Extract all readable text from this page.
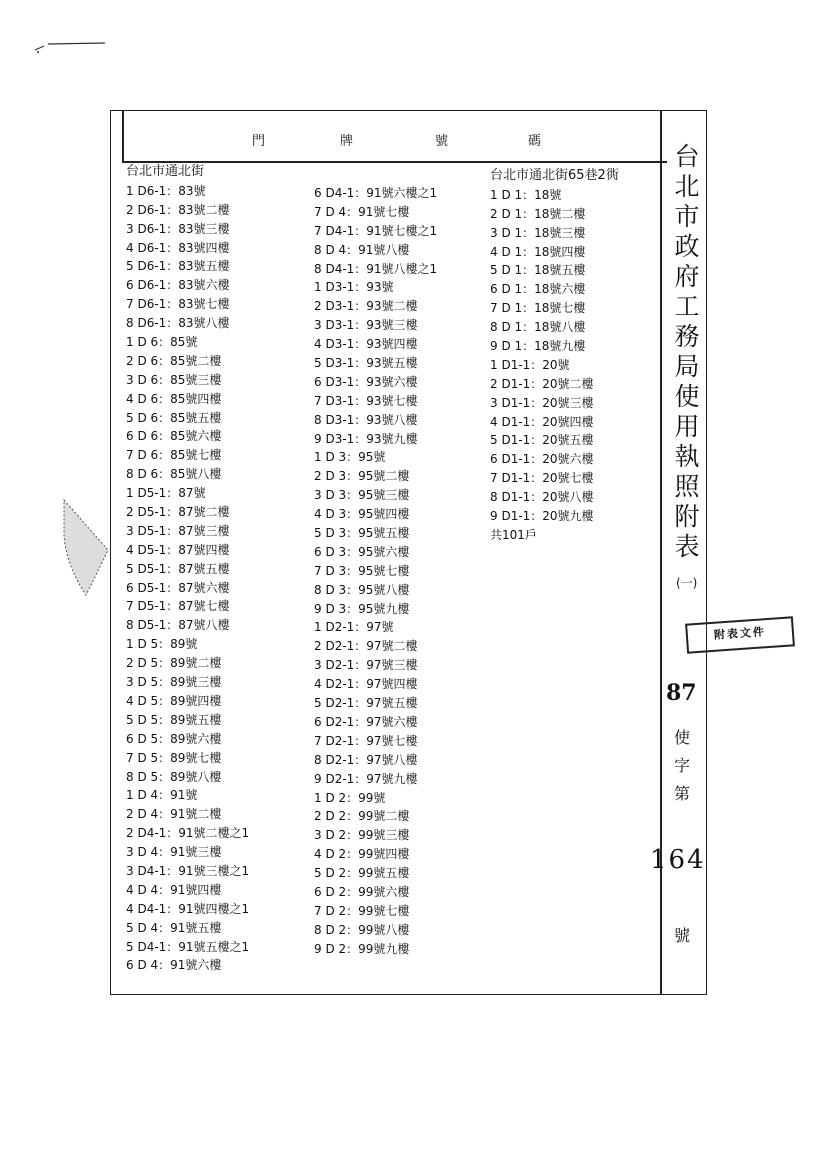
門	牌	號	碼
台北市通北街
1 D6-1：83號
2 D6-1：83號二樓
3 D6-1：83號三樓
4 D6-1：83號四樓
5 D6-1：83號五樓
6 D6-1：83號六樓
7 D6-1：83號七樓
8 D6-1：83號八樓
1 D 6：85號
2 D 6：85號二樓
3 D 6：85號三樓
4 D 6：85號四樓
5 D 6：85號五樓
6 D 6：85號六樓
7 D 6：85號七樓
8 D 6：85號八樓
1 D5-1：87號
2 D5-1：87號二樓
3 D5-1：87號三樓
4 D5-1：87號四樓
5 D5-1：87號五樓
6 D5-1：87號六樓
7 D5-1：87號七樓
8 D5-1：87號八樓
1 D 5：89號
2 D 5：89號二樓
3 D 5：89號三樓
4 D 5：89號四樓
5 D 5：89號五樓
6 D 5：89號六樓
7 D 5：89號七樓
8 D 5：89號八樓
1 D 4：91號
2 D 4：91號二樓
2 D4-1：91號二樓之1
3 D 4：91號三樓
3 D4-1：91號三樓之1
4 D 4：91號四樓
4 D4-1：91號四樓之1
5 D 4：91號五樓
5 D4-1：91號五樓之1
6 D 4：91號六樓
6 D4-1：91號六樓之1
7 D 4：91號七樓
7 D4-1：91號七樓之1
8 D 4：91號八樓
8 D4-1：91號八樓之1
1 D3-1：93號
2 D3-1：93號二樓
3 D3-1：93號三樓
4 D3-1：93號四樓
5 D3-1：93號五樓
6 D3-1：93號六樓
7 D3-1：93號七樓
8 D3-1：93號八樓
9 D3-1：93號九樓
1 D 3：95號
2 D 3：95號二樓
3 D 3：95號三樓
4 D 3：95號四樓
5 D 3：95號五樓
6 D 3：95號六樓
7 D 3：95號七樓
8 D 3：95號八樓
9 D 3：95號九樓
1 D2-1：97號
2 D2-1：97號二樓
3 D2-1：97號三樓
4 D2-1：97號四樓
5 D2-1：97號五樓
6 D2-1：97號六樓
7 D2-1：97號七樓
8 D2-1：97號八樓
9 D2-1：97號九樓
1 D 2：99號
2 D 2：99號二樓
3 D 2：99號三樓
4 D 2：99號四樓
5 D 2：99號五樓
6 D 2：99號六樓
7 D 2：99號七樓
8 D 2：99號八樓
9 D 2：99號九樓
台北市通北街65巷2衖
1 D 1：18號
2 D 1：18號二樓
3 D 1：18號三樓
4 D 1：18號四樓
5 D 1：18號五樓
6 D 1：18號六樓
7 D 1：18號七樓
8 D 1：18號八樓
9 D 1：18號九樓
1 D1-1：20號
2 D1-1：20號二樓
3 D1-1：20號三樓
4 D1-1：20號四樓
5 D1-1：20號五樓
6 D1-1：20號六樓
7 D1-1：20號七樓
8 D1-1：20號八樓
9 D1-1：20號九樓
共101戶
台
北
市
政
府
工
務
局
使
用
執
照
附
表
(一)
附表文件
87
使
字
第
164
號
